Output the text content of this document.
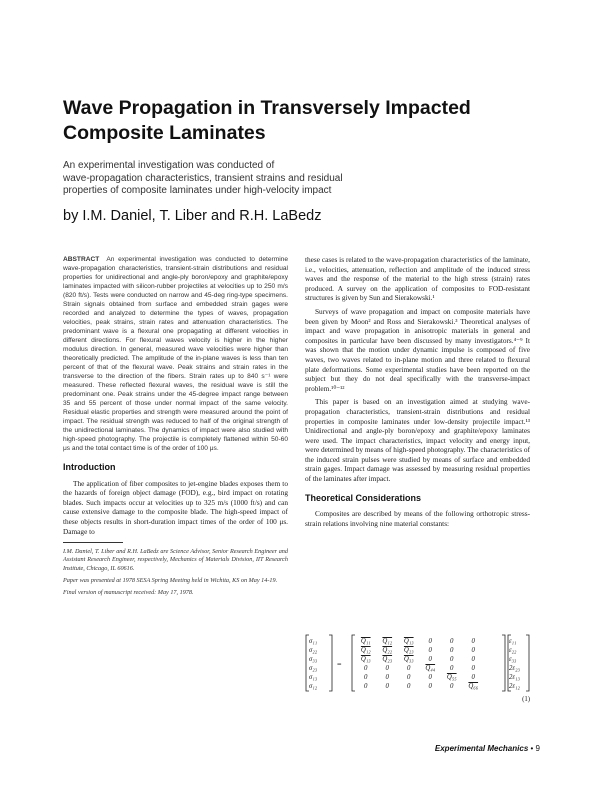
Wave Propagation in Transversely Impacted
Composite Laminates
An experimental investigation was conducted of
wave-propagation characteristics, transient strains and residual
properties of composite laminates under high-velocity impact
by I.M. Daniel, T. Liber and R.H. LaBedz
ABSTRACT An experimental investigation was conducted to determine wave-propagation characteristics, transient-strain distributions and residual properties for unidirectional and angle-ply boron/epoxy and graphite/epoxy laminates impacted with silicon-rubber projectiles at velocities up to 250 m/s (820 ft/s). Tests were conducted on narrow and 45-deg ring-type specimens. Strain signals obtained from surface and embedded strain gages were recorded and analyzed to determine the types of waves, propagation velocities, peak strains, strain rates and attenuation characteristics. The predominant wave is a flexural one propagating at different velocities in different directions. For flexural waves velocity is higher in the higher modulus direction. In general, measured wave velocities were higher than theoretically predicted. The amplitude of the in-plane waves is less than ten percent of that of the flexural wave. Peak strains and strain rates in the transverse to the direction of the fibers. Strain rates up to 840 s⁻¹ were measured. These reflected flexural waves, the residual wave is still the predominant one. Peak strains under the 45-degree impact range between 35 and 55 percent of those under normal impact of the same velocity. Residual elastic properties and strength were measured around the point of impact. The residual strength was reduced to half of the original strength of the unidirectional laminates. The dynamics of impact were also studied with high-speed photography. The projectile is completely flattened within 50-60 μs and the total contact time is of the order of 100 μs.
Introduction

The application of fiber composites to jet-engine blades exposes them to the hazards of foreign object damage (FOD), e.g., bird impact on rotating blades. Such impacts occur at velocities up to 325 m/s (1000 ft/s) and can cause extensive damage to the composite blade. The high-speed impact of these objects results in short-duration impact times of the order of 100 μs. Damage to

I.M. Daniel, T. Liber and R.H. LaBedz are Science Advisor, Senior Research Engineer and Assistant Research Engineer, respectively, Mechanics of Materials Division, IIT Research Institute, Chicago, IL 60616.

Paper was presented at 1978 SESA Spring Meeting held in Wichita, KS on May 14-19.

Final version of manuscript received: May 17, 1978.

these cases is related to the wave-propagation characteristics of the laminate, i.e., velocities, attenuation, reflection and amplitude of the induced stress waves and the response of the material to the high stress (strain) rates produced. A survey on the application of composites to FOD-resistant structures is given by Sun and Sierakowski.¹

Surveys of wave propagation and impact on composite materials have been given by Moon² and Ross and Sierakowski.³ Theoretical analyses of impact and wave propagation in anisotropic materials in general and composites in particular have been discussed by many investigators.⁴⁻⁹ It was shown that the motion under dynamic impulse is composed of five waves, two waves related to in-plane motion and three related to flexural plate deformations. Some experimental studies have been reported on the subject but they do not deal specifically with the transverse-impact problem.¹⁰⁻¹²

This paper is based on an investigation aimed at studying wave-propagation characteristics, transient-strain distributions and residual properties in composite laminates under low-density projectile impact.¹³ Unidirectional and angle-ply boron/epoxy and graphite/epoxy laminates were used. The impact characteristics, impact velocity and energy input, were determined by means of high-speed photography. The characteristics of the induced strain pulses were studied by means of surface and embedded strain gages. Impact damage was assessed by measuring residual properties of the laminates after impact.

Theoretical Considerations

Composites are described by means of the following orthotropic stress-strain relations involving nine material constants:

σ₁₁
σ₂₂
σ₃₃
σ₂₃
σ₁₃
σ₁₂
=
Q₁₁ Q₁₂ Q₁₃ 0	0	0
Q₁₂ Q₂₂ Q₂₃ 0	0	0
Q₁₃ Q₂₃ Q₃₃ 0	0	0
0	0	0 Q₄₄ 0	0
0	0	0	0 Q₅₅ 0
0	0	0	0	0 Q₆₆
ε₁₁
ε₂₂
ε₃₃
2ε₂₃
2ε₁₃
2ε₁₂
(1)
Experimental Mechanics • 9
